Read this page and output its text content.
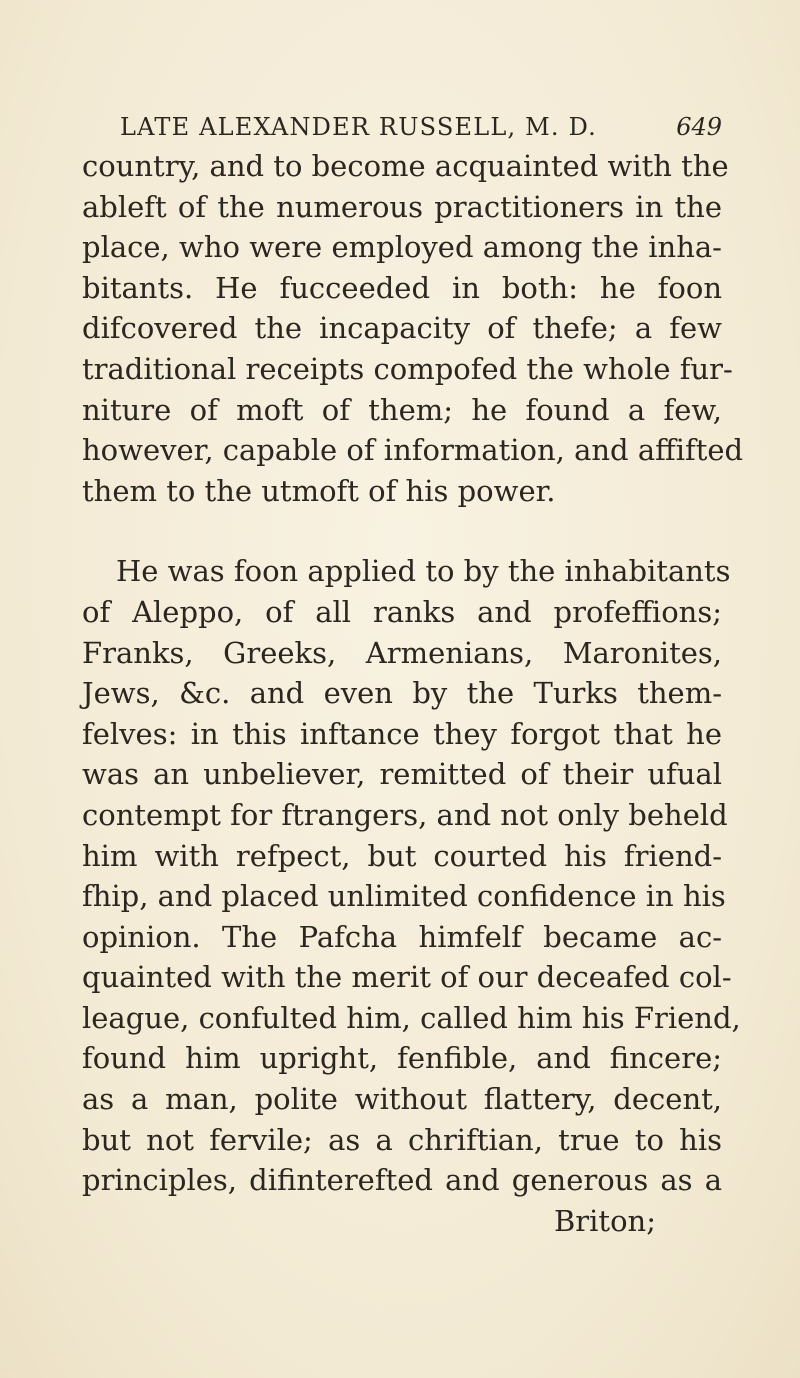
LATE ALEXANDER RUSSELL, M. D.	649
country, and to become acquainted with the
ableft of the numerous practitioners in the
place, who were employed among the inha-
bitants. He fucceeded in both: he foon
difcovered the incapacity of thefe; a few
traditional receipts compofed the whole fur-
niture of moft of them; he found a few,
however, capable of information, and affifted
them to the utmoft of his power.
He was foon applied to by the inhabitants
of Aleppo, of all ranks and profeffions;
Franks, Greeks, Armenians, Maronites,
Jews, &c. and even by the Turks them-
felves: in this inftance they forgot that he
was an unbeliever, remitted of their ufual
contempt for ftrangers, and not only beheld
him with refpect, but courted his friend-
fhip, and placed unlimited confidence in his
opinion. The Pafcha himfelf became ac-
quainted with the merit of our deceafed col-
league, confulted him, called him his Friend,
found him upright, fenfible, and fincere;
as a man, polite without flattery, decent,
but not fervile; as a chriftian, true to his
principles, difinterefted and generous as a
Briton;
